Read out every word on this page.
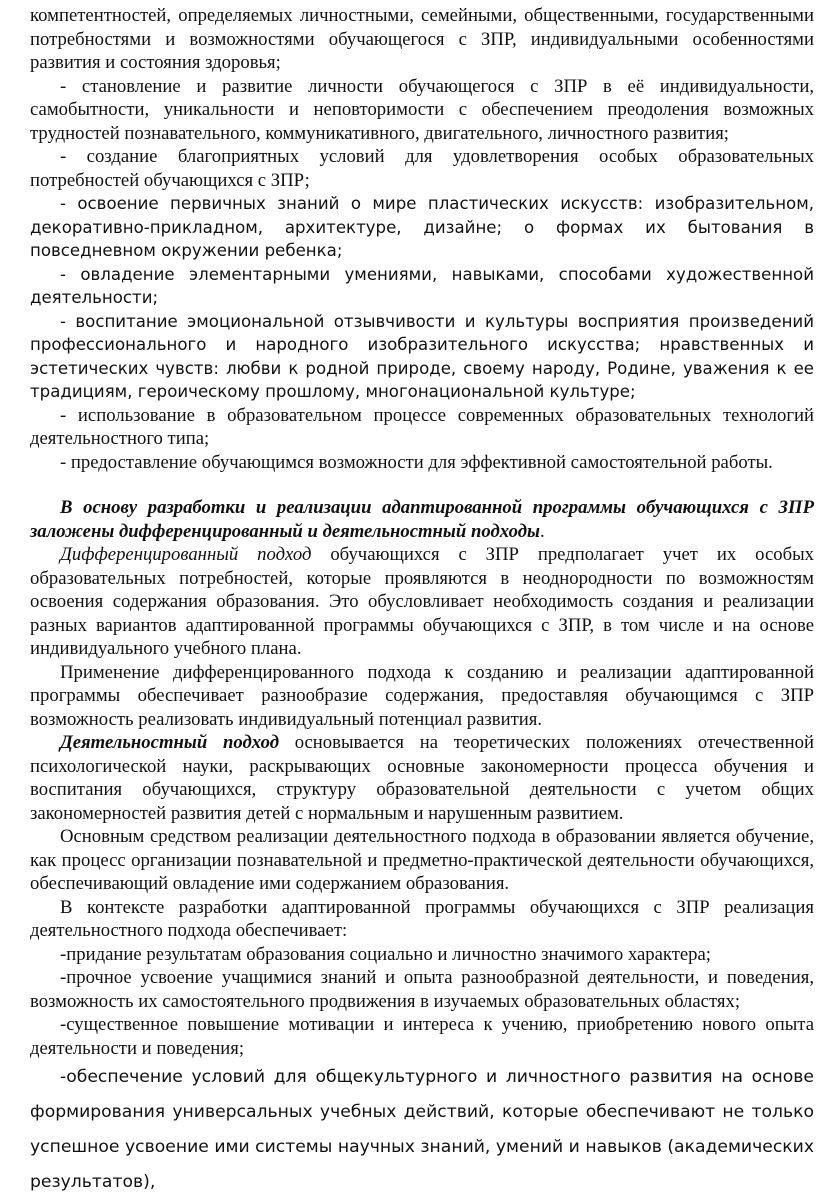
компетентностей, определяемых личностными, семейными, общественными, государственными потребностями и возможностями обучающегося с ЗПР, индивидуальными особенностями развития и состояния здоровья;

- становление и развитие личности обучающегося с ЗПР в её индивидуальности, самобытности, уникальности и неповторимости с обеспечением преодоления возможных трудностей познавательного, коммуникативного, двигательного, личностного развития;

- создание благоприятных условий для удовлетворения особых образовательных потребностей обучающихся с ЗПР;

- освоение первичных знаний о мире пластических искусств: изобразительном, декоративно-прикладном, архитектуре, дизайне; о формах их бытования в повседневном окружении ребенка;

- овладение элементарными умениями, навыками, способами художественной деятельности;

- воспитание эмоциональной отзывчивости и культуры восприятия произведений профессионального и народного изобразительного искусства; нравственных и эстетических чувств: любви к родной природе, своему народу, Родине, уважения к ее традициям, героическому прошлому, многонациональной культуре;

- использование в образовательном процессе современных образовательных технологий деятельностного типа;

- предоставление обучающимся возможности для эффективной самостоятельной работы.

В основу разработки и реализации адаптированной программы обучающихся с ЗПР заложены дифференцированный и деятельностный подходы.

Дифференцированный подход обучающихся с ЗПР предполагает учет их особых образовательных потребностей, которые проявляются в неоднородности по возможностям освоения содержания образования. Это обусловливает необходимость создания и реализации разных вариантов адаптированной программы обучающихся с ЗПР, в том числе и на основе индивидуального учебного плана.

Применение дифференцированного подхода к созданию и реализации адаптированной программы обеспечивает разнообразие содержания, предоставляя обучающимся с ЗПР возможность реализовать индивидуальный потенциал развития.

Деятельностный подход основывается на теоретических положениях отечественной психологической науки, раскрывающих основные закономерности процесса обучения и воспитания обучающихся, структуру образовательной деятельности с учетом общих закономерностей развития детей с нормальным и нарушенным развитием.

Основным средством реализации деятельностного подхода в образовании является обучение, как процесс организации познавательной и предметно-практической деятельности обучающихся, обеспечивающий овладение ими содержанием образования.

В контексте разработки адаптированной программы обучающихся с ЗПР реализация деятельностного подхода обеспечивает:

-придание результатам образования социально и личностно значимого характера;

-прочное усвоение учащимися знаний и опыта разнообразной деятельности, и поведения, возможность их самостоятельного продвижения в изучаемых образовательных областях;

-существенное повышение мотивации и интереса к учению, приобретению нового опыта деятельности и поведения;

-обеспечение условий для общекультурного и личностного развития на основе формирования универсальных учебных действий, которые обеспечивают не только успешное усвоение ими системы научных знаний, умений и навыков (академических результатов),
